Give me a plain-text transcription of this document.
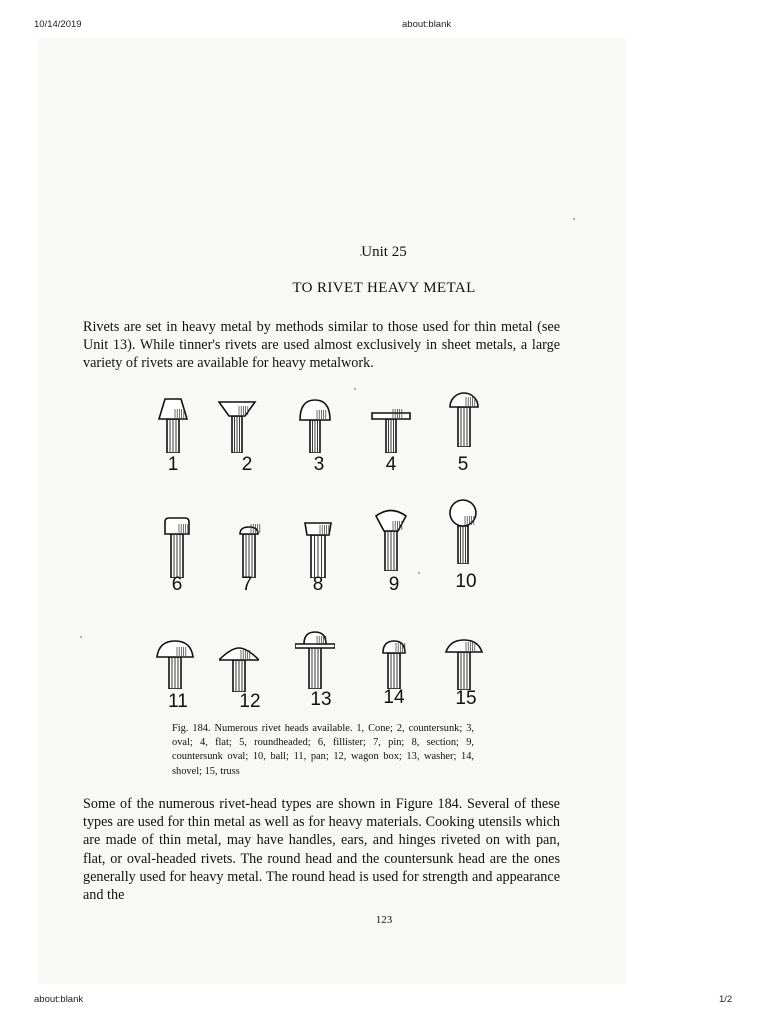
10/14/2019	about:blank
Unit 25
TO RIVET HEAVY METAL
Rivets are set in heavy metal by methods similar to those used for thin metal (see Unit 13). While tinner's rivets are used almost exclusively in sheet metals, a large variety of rivets are available for heavy metalwork.
1	2	3	4	5
6	7	8	9	10
11	12	13	14	15
Fig. 184. Numerous rivet heads available. 1, Cone; 2, countersunk; 3, oval; 4, flat; 5, roundheaded; 6, fillister; 7, pin; 8, section; 9, countersunk oval; 10, ball; 11, pan; 12, wagon box; 13, washer; 14, shovel; 15, truss
Some of the numerous rivet-head types are shown in Figure 184. Several of these types are used for thin metal as well as for heavy materials. Cooking utensils which are made of thin metal, may have handles, ears, and hinges riveted on with pan, flat, or oval-headed rivets. The round head and the countersunk head are the ones generally used for heavy metal. The round head is used for strength and appearance and the
123
about:blank	1/2
